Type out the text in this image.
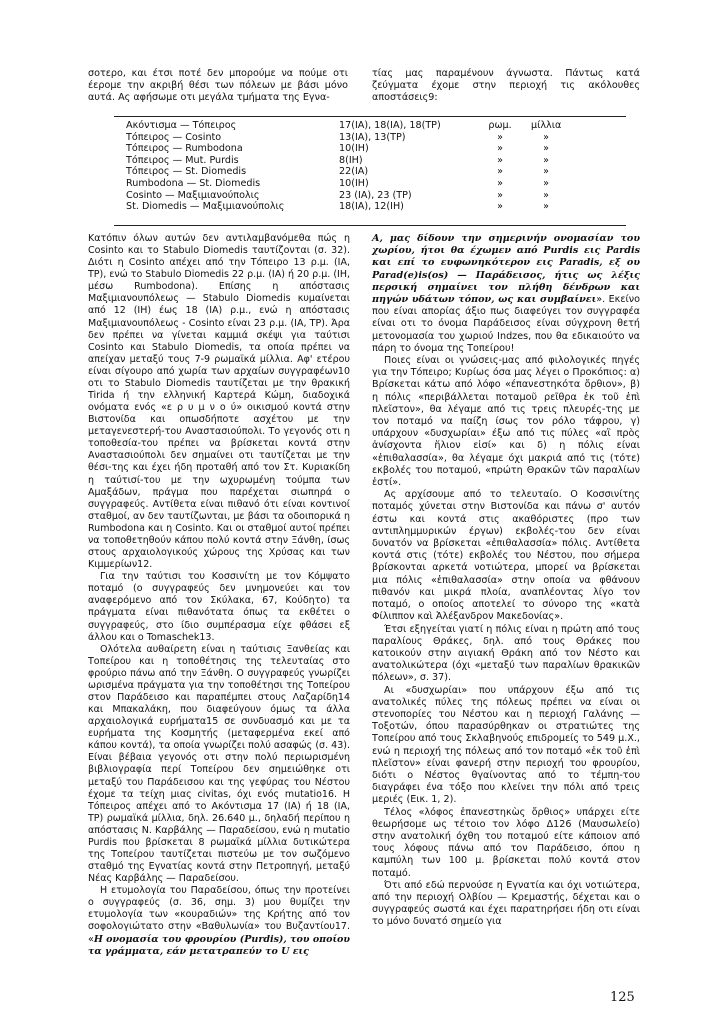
σοτερο, και έτσι ποτέ δεν μπορούμε να πούμε οτι έερομε την ακριβή θέσι των πόλεων με βάσι μόνο αυτά. Ας αφήσωμε οτι μεγάλα τμήματα της Εγνα-

τίας μας παραμένουν άγνωστα. Πάντως κατά ζεύγματα έχομε στην περιοχή τις ακόλουθες αποστάσεις9:

Ακόντισμα — Τόπειρος	17(ΙΑ), 18(ΙΑ), 18(ΤΡ)	ρωμ.	μίλλια
Τόπειρος — Cosinto	13(ΙΑ), 13(ΤΡ)	»	»
Τόπειρος — Rumbodona	10(ΙΗ)	»	»
Τόπειρος — Mut. Purdis	8(ΙΗ)	»	»
Τόπειρος — St. Diomedis	22(ΙΑ)	»	»
Rumbodona — St. Diomedis	10(ΙΗ)	»	»
Cosinto — Μαξιμιανούπολις	23 (ΙΑ), 23 (ΤΡ)	»	»
St. Diomedis — Μαξιμιανούπολις	18(ΙΑ), 12(ΙΗ)	»	»

Κατόπιν όλων αυτών δεν αντιλαμβανόμεθα πώς η Cosinto και το Stabulo Diomedis ταυτίζονται (σ. 32). Διότι η Cosinto απέχει από την Τόπειρο 13 ρ.μ. (ΙΑ, ΤΡ), ενώ το Stabulo Diomedis 22 ρ.μ. (ΙΑ) ή 20 ρ.μ. (ΙΗ, μέσω Rumbodona). Επίσης η απόστασις Μαξιμιανουπόλεως — Stabulo Diomedis κυμαίνεται από 12 (ΙΗ) έως 18 (ΙΑ) ρ.μ., ενώ η απόστασις Μαξιμιανουπόλεως - Cosinto είναι 23 ρ.μ. (ΙΑ, ΤΡ). Άρα δεν πρέπει να γίνεται καμμιά σκέψι για ταύτισι Cosinto και Stabulo Diomedis, τα οποία πρέπει να απείχαν μεταξύ τους 7-9 ρωμαϊκά μίλλια. Αφ' ετέρου είναι σίγουρο από χωρία των αρχαίων συγγραφέων10 οτι το Stabulo Diomedis ταυτίζεται με την θρακική Tirida ή την ελληνική Καρτερά Κώμη, διαδοχικά ονόματα ενός «ε ρ υ μ ν ο ύ» οικισμού κοντά στην Βιστονίδα και οπωσδήποτε ασχέτου με την μεταγενεστερή-του Αναστασιούπολι. Το γεγονός οτι η τοποθεσία-του πρέπει να βρίσκεται κοντά στην Αναστασιούπολι δεν σημαίνει οτι ταυτίζεται με την θέσι-της και έχει ήδη προταθή από τον Στ. Κυριακίδη η ταύτισί-του με την ωχυρωμένη τούμπα των Αμαξάδων, πράγμα που παρέχεται σιωπηρά ο συγγραφεύς. Αντίθετα είναι πιθανό ότι είναι κοντινοί σταθμοί, αν δεν ταυτίζωνται, με βάσι τα οδοιπορικά η Rumbodona και η Cosinto. Και οι σταθμοί αυτοί πρέπει να τοποθετηθούν κάπου πολύ κοντά στην Ξάνθη, ίσως στους αρχαιολογικούς χώρους της Χρύσας και των Κιμμερίων12.

Για την ταύτισι του Κοσσινίτη με τον Κόμψατο ποταμό (ο συγγραφεύς δεν μνημονεύει και τον αναφερόμενο από τον Σκύλακα, 67, Κούδητο) τα πράγματα είναι πιθανότατα όπως τα εκθέτει ο συγγραφεύς, στο ίδιο συμπέρασμα είχε φθάσει εξ άλλου και ο Tomaschek13.

Ολότελα αυθαίρετη είναι η ταύτισις Ξανθείας και Τοπείρου και η τοποθέτησις της τελευταίας στο φρούριο πάνω από την Ξάνθη. Ο συγγραφεύς γνωρίζει ωρισμένα πράγματα για την τοποθέτησι της Τοπείρου στον Παράδεισο και παραπέμπει στους Λαζαρίδη14 και Μπακαλάκη, που διαφεύγουν όμως τα άλλα αρχαιολογικά ευρήματα15 σε συνδυασμό και με τα ευρήματα της Κοσμητής (μεταφερμένα εκεί από κάπου κοντά), τα οποία γνωρίζει πολύ ασαφώς (σ. 43). Είναι βέβαια γεγονός οτι στην πολύ περιωρισμένη βιβλιογραφία περί Τοπείρου δεν σημειώθηκε οτι μεταξύ του Παράδεισου και της γεφύρας του Νέστου έχομε τα τείχη μιας civitas, όχι ενός mutatio16. Η Τόπειρος απέχει από το Ακόντισμα 17 (ΙΑ) ή 18 (ΙΑ, ΤΡ) ρωμαϊκά μίλλια, δηλ. 26.640 μ., δηλαδή περίπου η απόστασις Ν. Καρβάλης — Παραδείσου, ενώ η mutatio Purdis που βρίσκεται 8 ρωμαϊκά μίλλια δυτικώτερα της Τοπείρου ταυτίζεται πιστεύω με τον σωζόμενο σταθμό της Εγνατίας κοντά στην Πετροπηγή, μεταξύ Νέας Καρβάλης — Παραδείσου.

Η ετυμολογία του Παραδείσου, όπως την προτείνει ο συγγραφεύς (σ. 36, σημ. 3) μου θυμίζει την ετυμολογία των «κουραδιών» της Κρήτης από τον σοφολογιώτατο στην «Βαθυλωνία» του Βυζαντίου17. «Η ονομασία του φρουρίου (Purdis), του οποίου τα γράμματα, εάν μετατραπεύν το U εις

Α, μας δίδουν την σημερινήν ονομασίαν του χωρίου, ήτοι θα έχωμεν από Purdis εις Pardis και επί το ευφωνηκότερον εις Paradis, εξ ου Parad(e)is(os) — Παράδεισος, ήτις ως λέξις περσική σημαίνει τον πλήθη δένδρων και πηγών υδάτων τόπον, ως και συμβαίνει». Εκείνο που είναι απορίας άξιο πως διαφεύγει τον συγγραφέα είναι οτι το όνομα Παράδεισος είναι σύγχρονη θετή μετονομασία του χωριού Indzes, που θα εδικαιούτο να πάρη το όνομα της Τοπείρου!

Ποιες είναι οι γνώσεις-μας από φιλολογικές πηγές για την Τόπειρο; Κυρίως όσα μας λέγει ο Προκόπιος: α) Βρίσκεται κάτω από λόφο «έπανεστηκότα ὄρθιον», β) η πόλις «περιβάλλεται ποταμοῦ ρεῖθρα ἐκ τοῦ ἐπὶ πλεῖστον», θα λέγαμε από τις τρεις πλευρές-της με τον ποταμό να παίζη ίσως τον ρόλο τάφρου, γ) υπάρχουν «δυσχωρίαι» έξω από τις πύλες «αἳ πρὸς ἀνίσχοντα ἥλιον εἰσί» και δ) η πόλις είναι «ἐπιθαλασσία», θα λέγαμε όχι μακριά από τις (τότε) εκβολές του ποταμού, «πρώτη Θρακῶν τῶν παραλίων ἐστί».

Ας αρχίσουμε από το τελευταίο. Ο Κοσσινίτης ποταμός χύνεται στην Βιστονίδα και πάνω σ' αυτόν έστω και κοντά στις ακαθόριστες (προ των αντιπλημμυρικών έργων) εκβολές-του δεν είναι δυνατόν να βρίσκεται «ἐπιθαλασσία» πόλις. Αντίθετα κοντά στις (τότε) εκβολές του Νέστου, που σήμερα βρίσκονται αρκετά νοτιώτερα, μπορεί να βρίσκεται μια πόλις «ἐπιθαλασσία» στην οποία να φθάνουν πιθανόν και μικρά πλοία, αναπλέοντας λίγο τον ποταμό, ο οποίος αποτελεί το σύνορο της «κατὰ Φίλιππον καὶ Ἀλέξανδρον Μακεδονίας».

Έτσι εξηγείται γιατί η πόλις είναι η πρώτη από τους παραλίους Θράκες, δηλ. από τους Θράκες που κατοικούν στην αιγιακή Θράκη από τον Νέστο και ανατολικώτερα (όχι «μεταξύ των παραλίων θρακικῶν πόλεων», σ. 37).

Αι «δυσχωρίαι» που υπάρχουν έξω από τις ανατολικές πύλες της πόλεως πρέπει να είναι οι στενοπορίες του Νέστου και η περιοχή Γαλάνης — Τοξοτών, όπου παρασύρθηκαν οι στρατιώτες της Τοπείρου από τους Σκλαβηνούς επιδρομείς το 549 μ.Χ., ενώ η περιοχή της πόλεως από τον ποταμό «ἐκ τοῦ ἐπὶ πλεῖστον» είναι φανερή στην περιοχή του φρουρίου, διότι ο Νέστος θγαίνοντας από το τέμπη-του διαγράφει ένα τόξο που κλείνει την πόλι από τρεις μεριές (Εικ. 1, 2).

Τέλος «λόφος ἐπανεστηκὼς ὄρθιος» υπάρχει είτε θεωρήσομε ως τέτοιο τον λόφο Δ126 (Μαυσωλείο) στην ανατολική όχθη του ποταμού είτε κάποιον από τους λόφους πάνω από τον Παράδεισο, όπου η καμπύλη των 100 μ. βρίσκεται πολύ κοντά στον ποταμό.

Ότι από εδώ περνούσε η Εγνατία και όχι νοτιώτερα, από την περιοχή Ολβίου — Κρεμαστής, δέχεται και ο συγγραφεύς σωστά και έχει παρατηρήσει ήδη οτι είναι το μόνο δυνατό σημείο για

125
